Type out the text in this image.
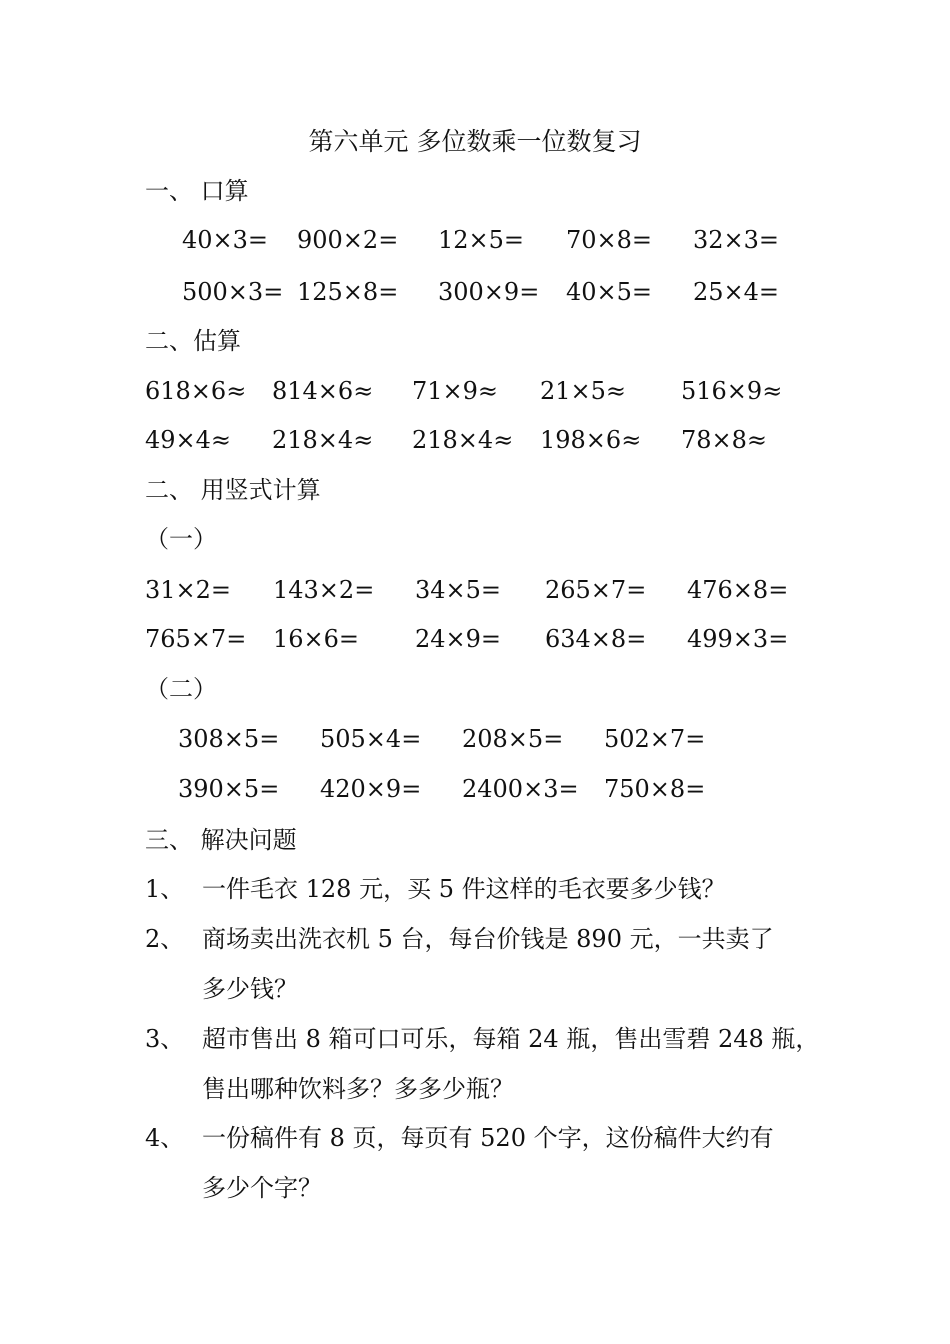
第六单元 多位数乘一位数复习
一、 口算
40×3= 900×2= 12×5= 70×8= 32×3=
500×3= 125×8= 300×9= 40×5= 25×4=
二、估算
618×6≈ 814×6≈ 71×9≈ 21×5≈ 516×9≈
49×4≈ 218×4≈ 218×4≈ 198×6≈ 78×8≈
二、 用竖式计算
（一）
31×2= 143×2= 34×5= 265×7= 476×8=
765×7= 16×6= 24×9= 634×8= 499×3=
（二）
308×5= 505×4= 208×5= 502×7=
390×5= 420×9= 2400×3= 750×8=
三、 解决问题
1、 一件毛衣 128 元，买 5 件这样的毛衣要多少钱？
2、 商场卖出洗衣机 5 台，每台价钱是 890 元，一共卖了
多少钱？
3、 超市售出 8 箱可口可乐，每箱 24 瓶，售出雪碧 248 瓶，
售出哪种饮料多？多多少瓶？
4、 一份稿件有 8 页，每页有 520 个字，这份稿件大约有
多少个字？
